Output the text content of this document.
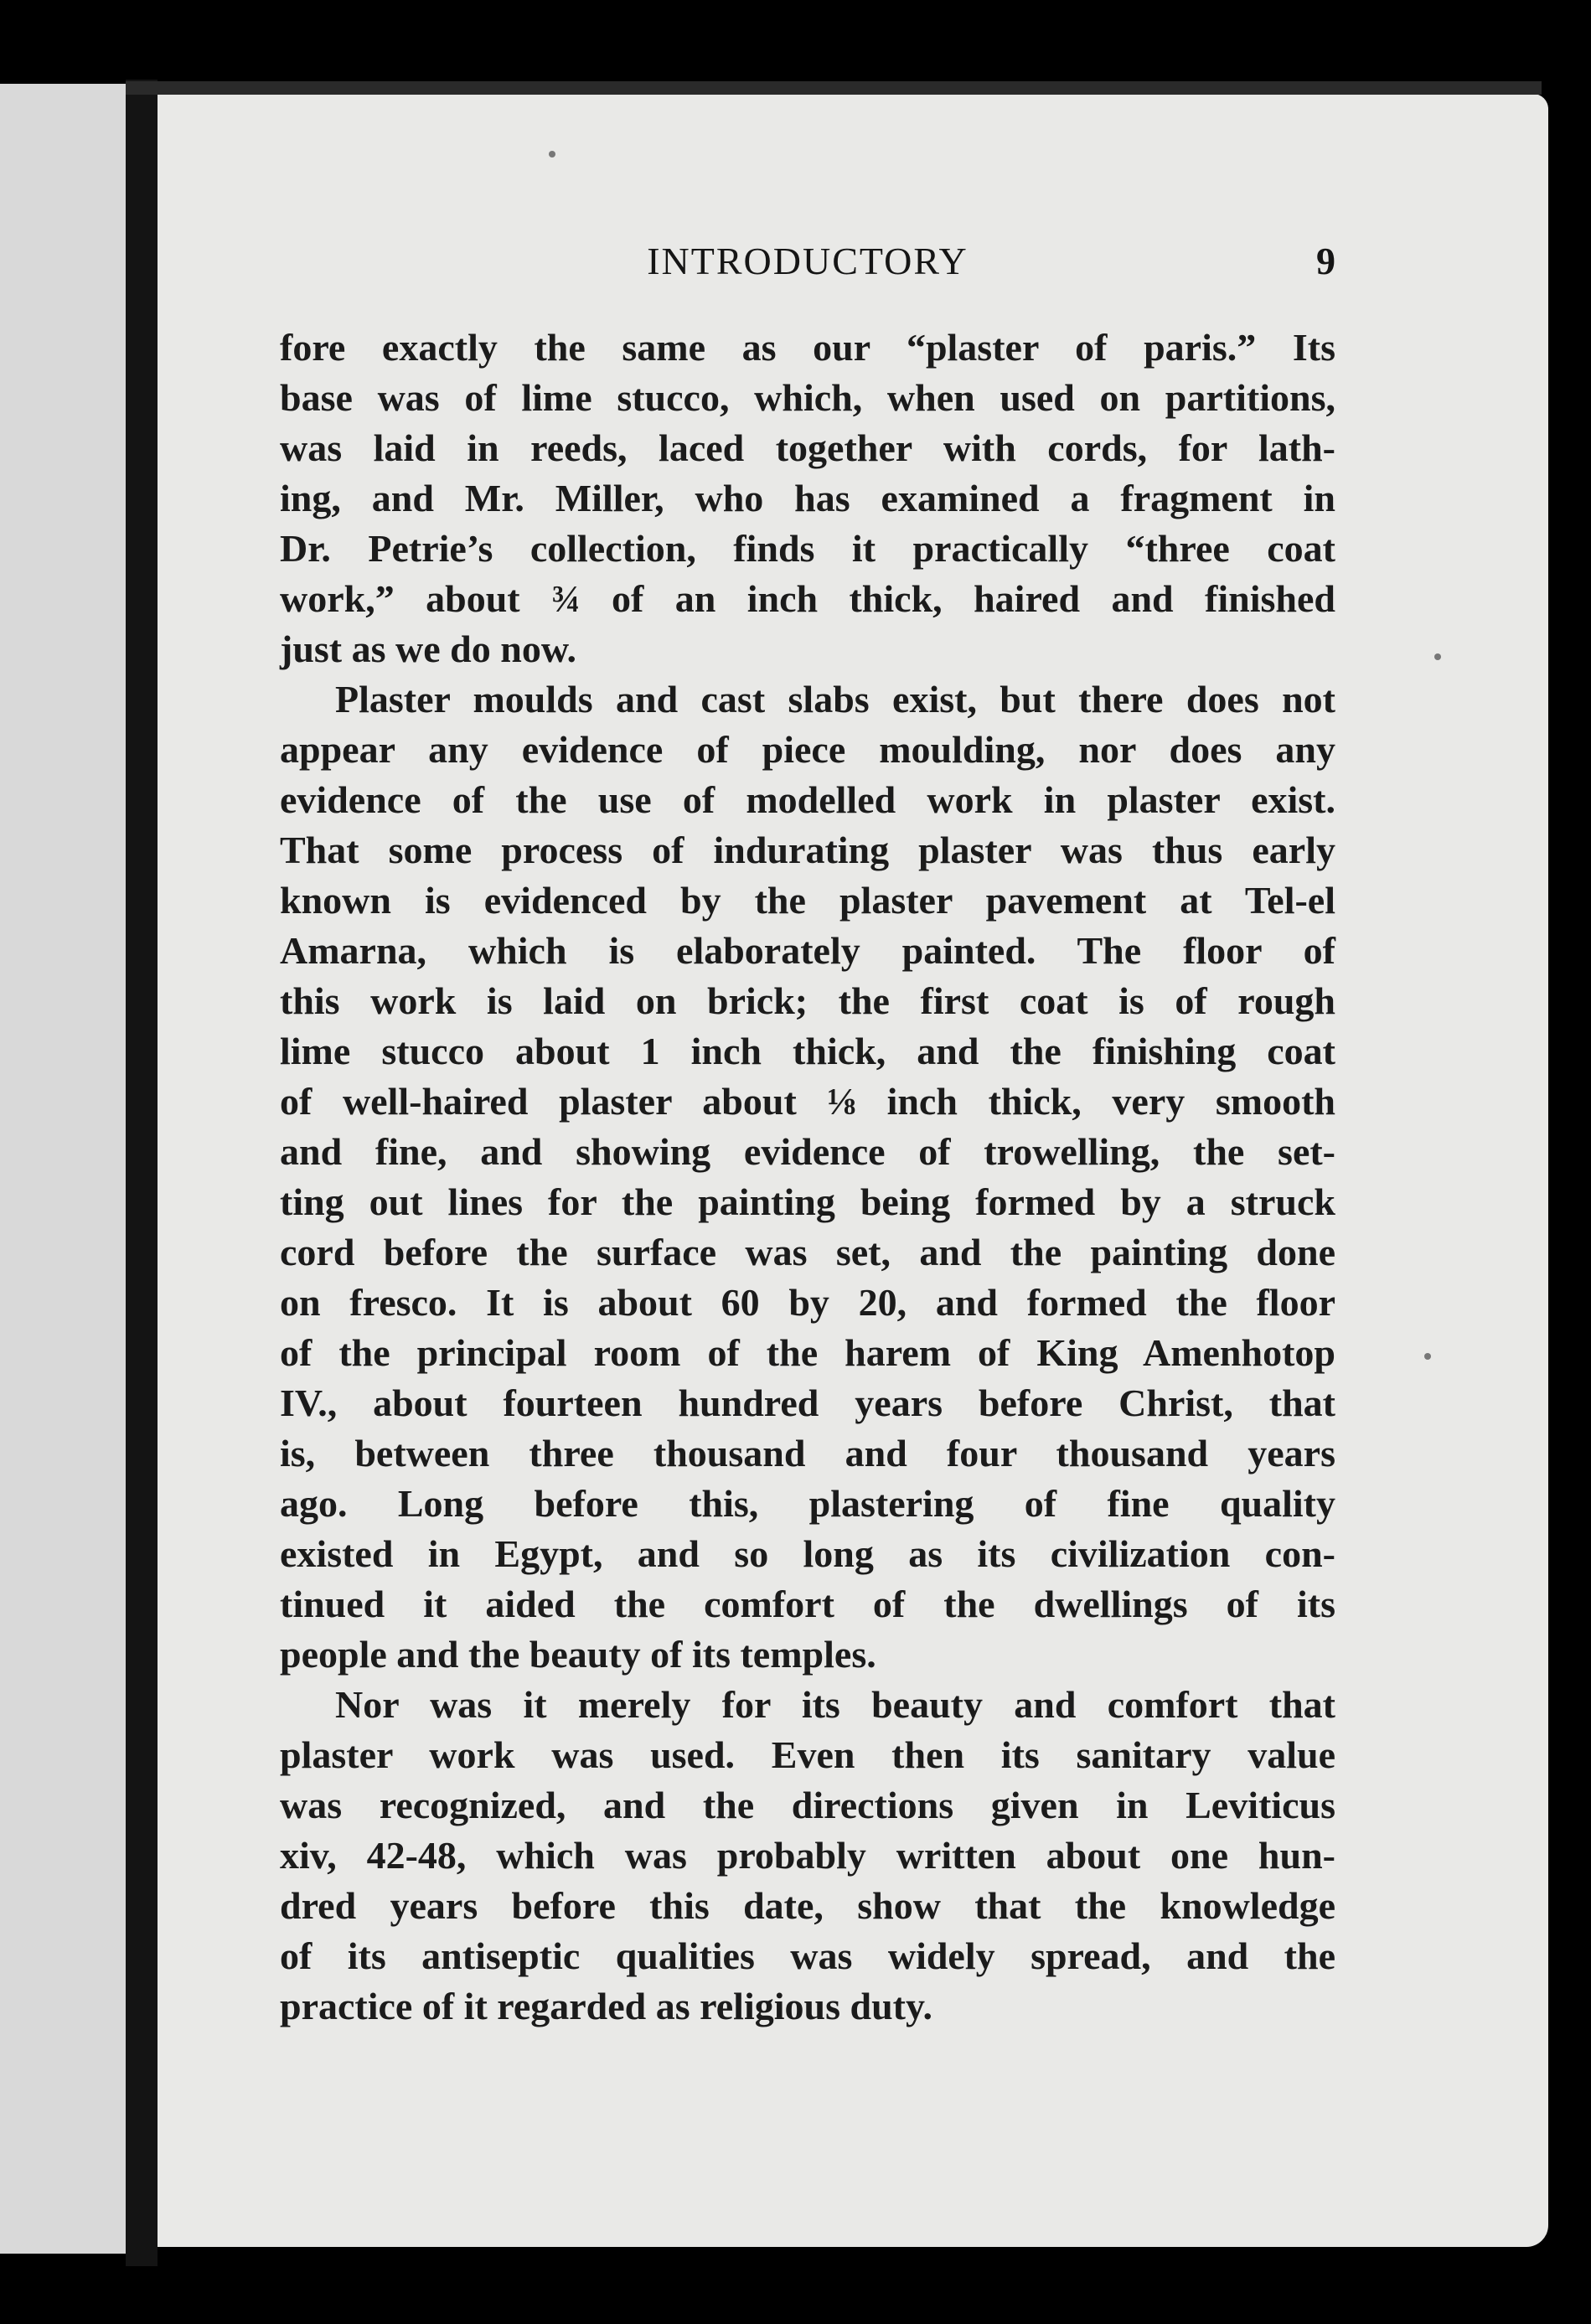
INTRODUCTORY	9
fore exactly the same as our “plaster of paris.” Its
base was of lime stucco, which, when used on partitions,
was laid in reeds, laced together with cords, for lath-
ing, and Mr. Miller, who has examined a fragment in
Dr. Petrie’s collection, finds it practically “three coat
work,” about ¾ of an inch thick, haired and finished
just as we do now.
Plaster moulds and cast slabs exist, but there does not
appear any evidence of piece moulding, nor does any
evidence of the use of modelled work in plaster exist.
That some process of indurating plaster was thus early
known is evidenced by the plaster pavement at Tel-el
Amarna, which is elaborately painted. The floor of
this work is laid on brick; the first coat is of rough
lime stucco about 1 inch thick, and the finishing coat
of well-haired plaster about ⅛ inch thick, very smooth
and fine, and showing evidence of trowelling, the set-
ting out lines for the painting being formed by a struck
cord before the surface was set, and the painting done
on fresco. It is about 60 by 20, and formed the floor
of the principal room of the harem of King Amenhotop
IV., about fourteen hundred years before Christ, that
is, between three thousand and four thousand years
ago. Long before this, plastering of fine quality
existed in Egypt, and so long as its civilization con-
tinued it aided the comfort of the dwellings of its
people and the beauty of its temples.
Nor was it merely for its beauty and comfort that
plaster work was used. Even then its sanitary value
was recognized, and the directions given in Leviticus
xiv, 42-48, which was probably written about one hun-
dred years before this date, show that the knowledge
of its antiseptic qualities was widely spread, and the
practice of it regarded as religious duty.
